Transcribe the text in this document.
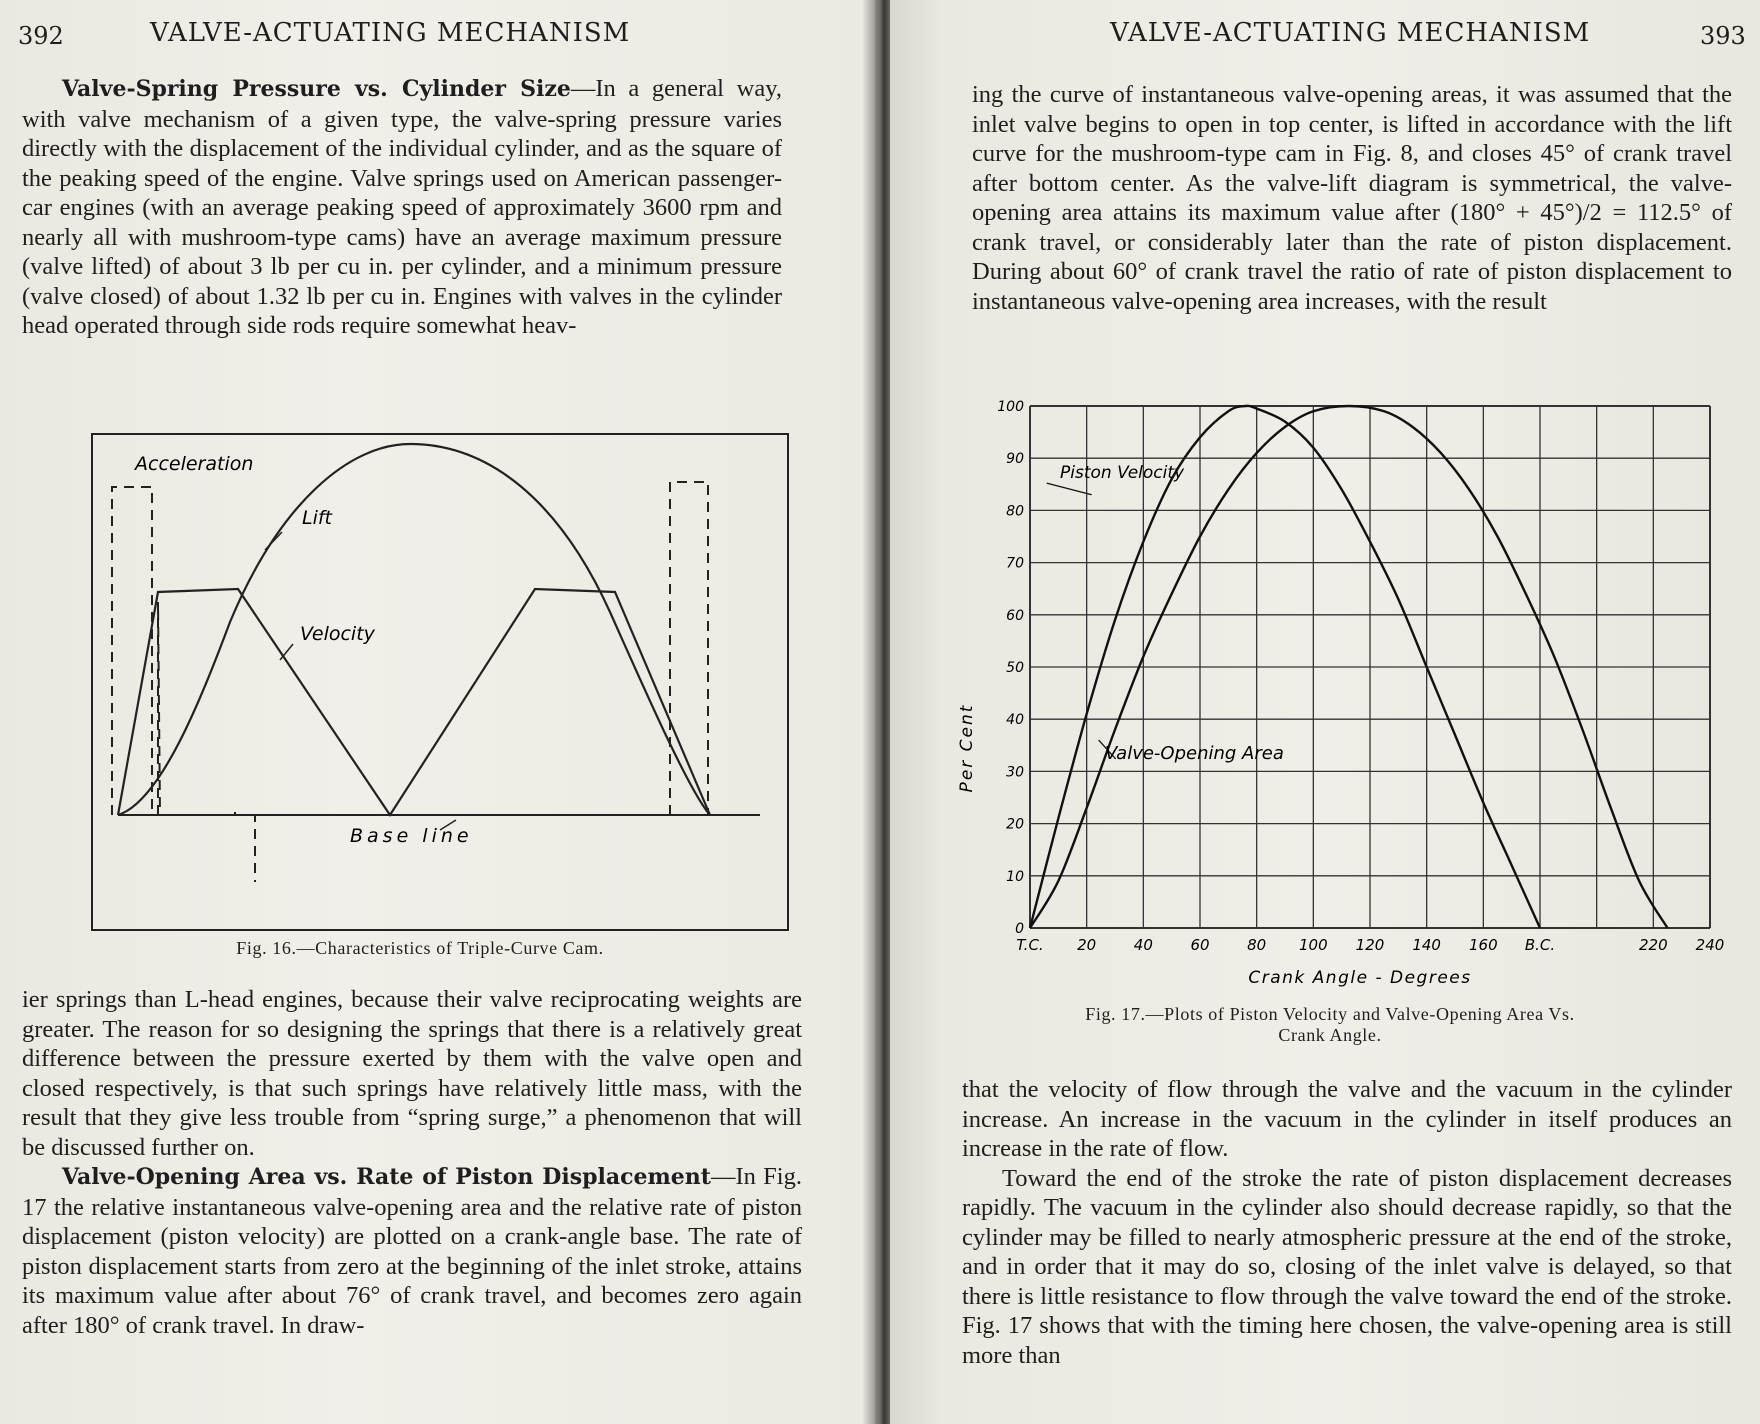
392	VALVE-ACTUATING MECHANISM

Valve-Spring Pressure vs. Cylinder Size—In a general way, with valve mechanism of a given type, the valve-spring pressure varies directly with the displacement of the individual cylinder, and as the square of the peaking speed of the engine. Valve springs used on American passenger-car engines (with an average peaking speed of approximately 3600 rpm and nearly all with mushroom-type cams) have an average maximum pressure (valve lifted) of about 3 lb per cu in. per cylinder, and a minimum pressure (valve closed) of about 1.32 lb per cu in. Engines with valves in the cylinder head operated through side rods require somewhat heav-

Acceleration
Lift
Velocity
Base line
Fig. 16.—Characteristics of Triple-Curve Cam.

ier springs than L-head engines, because their valve reciprocating weights are greater. The reason for so designing the springs that there is a relatively great difference between the pressure exerted by them with the valve open and closed respectively, is that such springs have relatively little mass, with the result that they give less trouble from “spring surge,” a phenomenon that will be discussed further on.

Valve-Opening Area vs. Rate of Piston Displacement—In Fig. 17 the relative instantaneous valve-opening area and the relative rate of piston displacement (piston velocity) are plotted on a crank-angle base. The rate of piston displacement starts from zero at the beginning of the inlet stroke, attains its maximum value after about 76° of crank travel, and becomes zero again after 180° of crank travel. In draw-

VALVE-ACTUATING MECHANISM	393

ing the curve of instantaneous valve-opening areas, it was assumed that the inlet valve begins to open in top center, is lifted in accordance with the lift curve for the mushroom-type cam in Fig. 8, and closes 45° of crank travel after bottom center. As the valve-lift diagram is symmetrical, the valve-opening area attains its maximum value after (180° + 45°)/2 = 112.5° of crank travel, or considerably later than the rate of piston displacement. During about 60° of crank travel the ratio of rate of piston displacement to instantaneous valve-opening area increases, with the result

T.C. 20	40	60	80 100 120 140 160 B.C.	220 240
0
10
20
30
40
50
60
70
80
90
100
Crank Angle - Degrees
Per Cent
Piston Velocity
Valve-Opening Area
Fig. 17.—Plots of Piston Velocity and Valve-Opening Area Vs.
Crank Angle.

that the velocity of flow through the valve and the vacuum in the cylinder increase. An increase in the vacuum in the cylinder in itself produces an increase in the rate of flow.

Toward the end of the stroke the rate of piston displacement decreases rapidly. The vacuum in the cylinder also should decrease rapidly, so that the cylinder may be filled to nearly atmospheric pressure at the end of the stroke, and in order that it may do so, closing of the inlet valve is delayed, so that there is little resistance to flow through the valve toward the end of the stroke. Fig. 17 shows that with the timing here chosen, the valve-opening area is still more than
